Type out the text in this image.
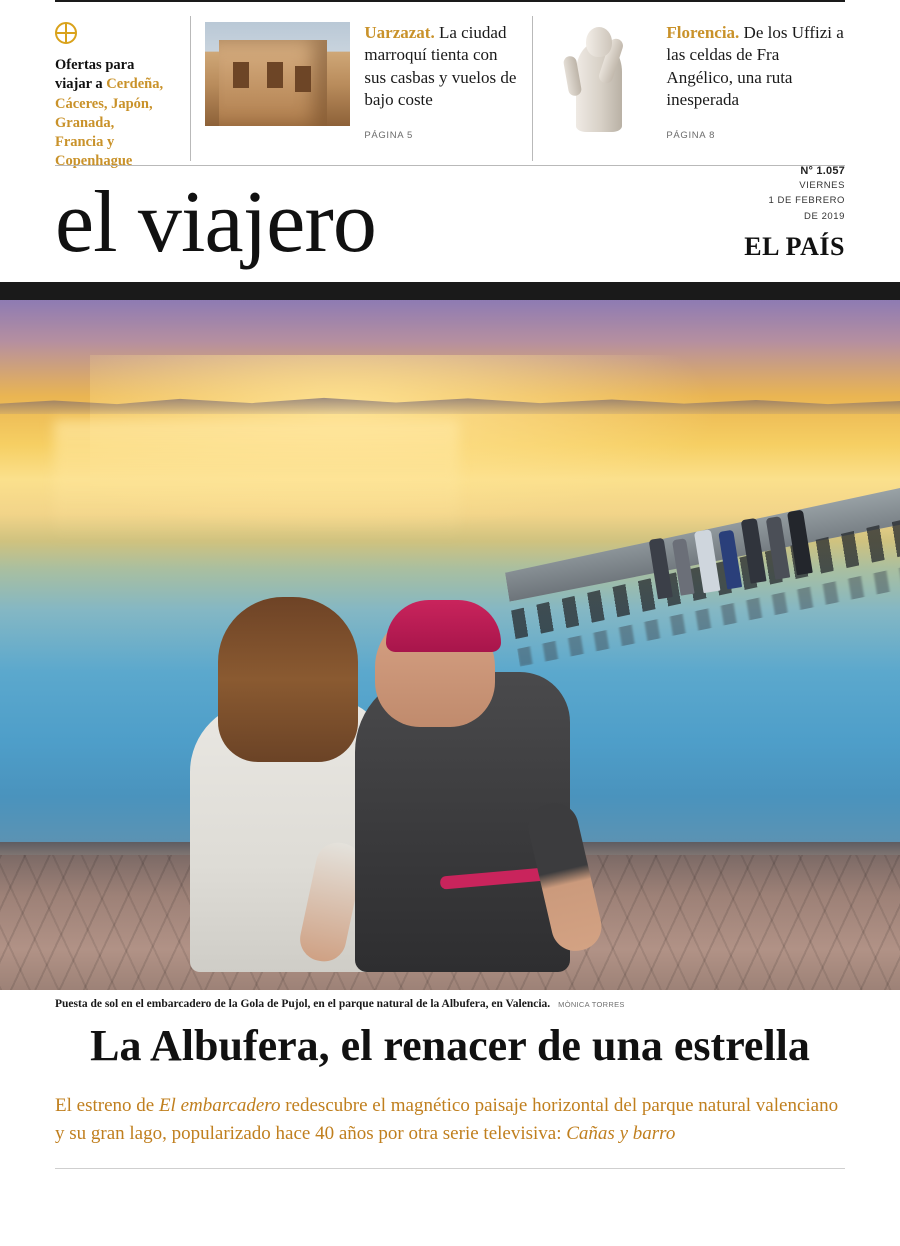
Ofertas para viajar a Cerdeña, Cáceres, Japón, Granada, Francia y Copenhague
Uarzazat. La ciudad marroquí tienta con sus casbas y vuelos de bajo coste
PÁGINA 5
Florencia. De los Uffizi a las celdas de Fra Angélico, una ruta inesperada
PÁGINA 8
el viajero
N° 1.057
VIERNES
1 DE FEBRERO
DE 2019
EL PAÍS
Puesta de sol en el embarcadero de la Gola de Pujol, en el parque natural de la Albufera, en Valencia. MÒNICA TORRES
La Albufera, el renacer de una estrella

El estreno de El embarcadero redescubre el magnético paisaje horizontal del parque natural valenciano y su gran lago, popularizado hace 40 años por otra serie televisiva: Cañas y barro
